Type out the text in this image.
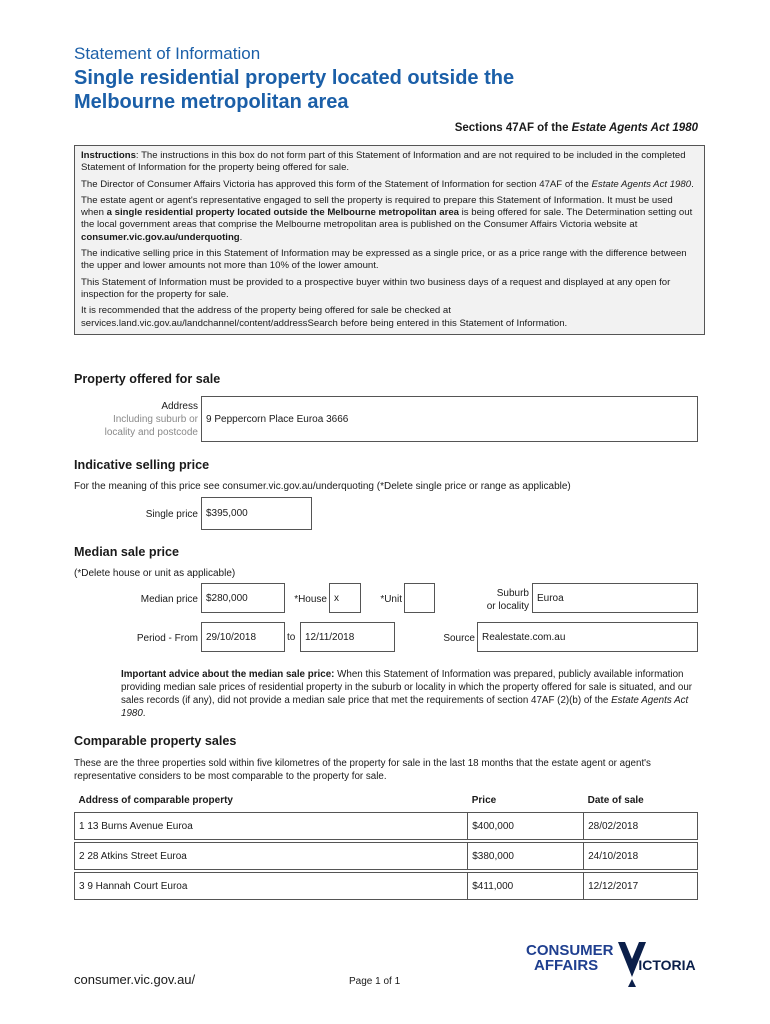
Statement of Information
Single residential property located outside the
Melbourne metropolitan area
Sections 47AF of the Estate Agents Act 1980

Instructions: The instructions in this box do not form part of this Statement of Information and are not required to be included in the completed Statement of Information for the property being offered for sale.

The Director of Consumer Affairs Victoria has approved this form of the Statement of Information for section 47AF of the Estate Agents Act 1980.

The estate agent or agent's representative engaged to sell the property is required to prepare this Statement of Information. It must be used when a single residential property located outside the Melbourne metropolitan area is being offered for sale. The Determination setting out the local government areas that comprise the Melbourne metropolitan area is published on the Consumer Affairs Victoria website at consumer.vic.gov.au/underquoting.

The indicative selling price in this Statement of Information may be expressed as a single price, or as a price range with the difference between the upper and lower amounts not more than 10% of the lower amount.

This Statement of Information must be provided to a prospective buyer within two business days of a request and displayed at any open for inspection for the property for sale.

It is recommended that the address of the property being offered for sale be checked at services.land.vic.gov.au/landchannel/content/addressSearch before being entered in this Statement of Information.

Property offered for sale
Address
Including suburb or
locality and postcode
9 Peppercorn Place Euroa 3666
Indicative selling price
For the meaning of this price see consumer.vic.gov.au/underquoting (*Delete single price or range as applicable)
Single price $395,000
Median sale price
(*Delete house or unit as applicable)
Median price $280,000	*House x	*Unit
Suburb
or locality
Euroa
Period - From 29/10/2018	to 12/11/2018	Source Realestate.com.au
Important advice about the median sale price: When this Statement of Information was prepared, publicly available information providing median sale prices of residential property in the suburb or locality in which the property offered for sale is situated, and our sales records (if any), did not provide a median sale price that met the requirements of section 47AF (2)(b) of the Estate Agents Act 1980.
Comparable property sales
These are the three properties sold within five kilometres of the property for sale in the last 18 months that the estate agent or agent's representative considers to be most comparable to the property for sale.
Address of comparable property	Price	Date of sale
1 13 Burns Avenue Euroa	$400,000	28/02/2018

2 28 Atkins Street Euroa	$380,000	24/10/2018

3 9 Hannah Court Euroa	$411,000	12/12/2017
consumer.vic.gov.au/	Page 1 of 1
CONSUMER
AFFAIRS VICTORIA
